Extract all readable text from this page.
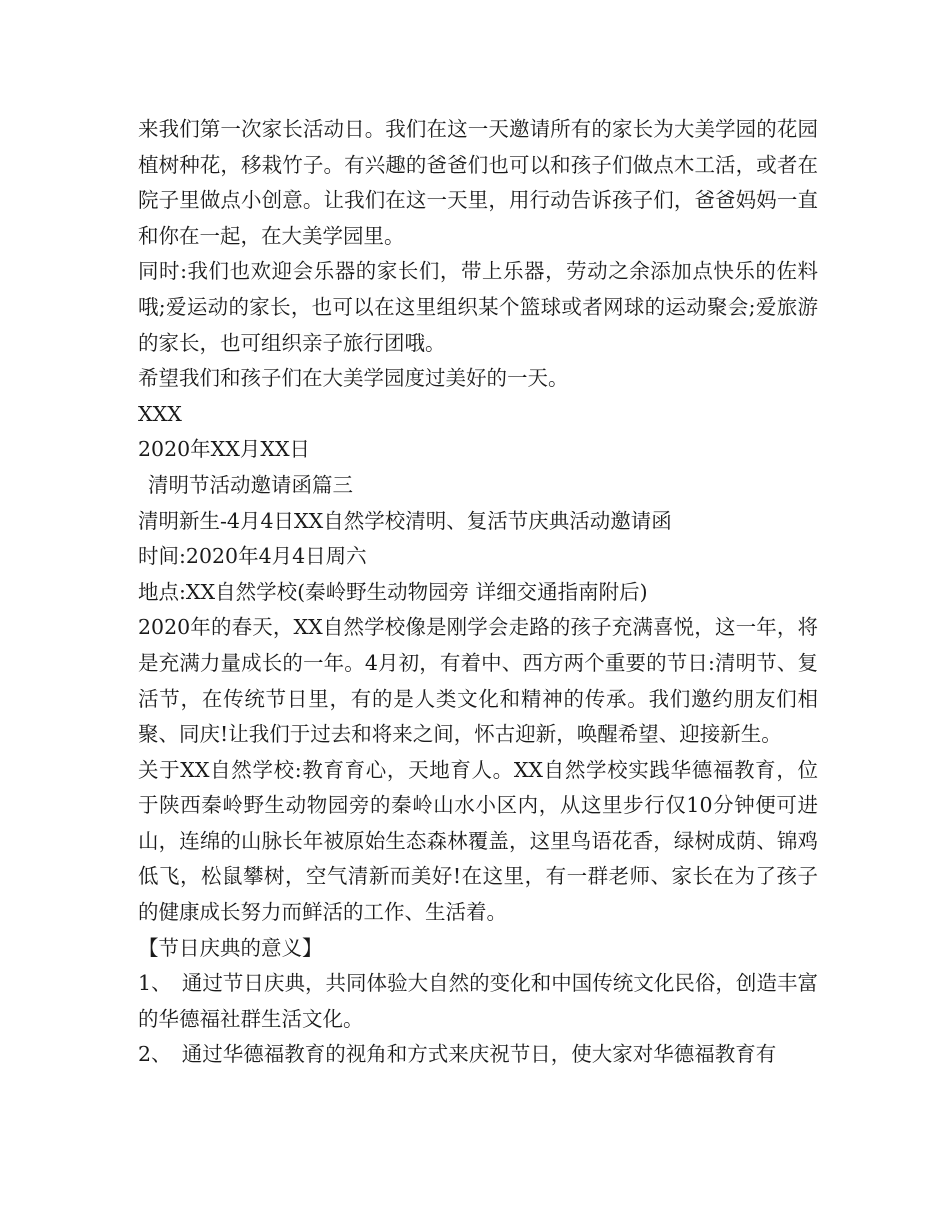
来我们第一次家长活动日。我们在这一天邀请所有的家长为大美学园的花园植树种花，移栽竹子。有兴趣的爸爸们也可以和孩子们做点木工活，或者在院子里做点小创意。让我们在这一天里，用行动告诉孩子们，爸爸妈妈一直和你在一起，在大美学园里。

同时:我们也欢迎会乐器的家长们，带上乐器，劳动之余添加点快乐的佐料哦;爱运动的家长，也可以在这里组织某个篮球或者网球的运动聚会;爱旅游的家长，也可组织亲子旅行团哦。

希望我们和孩子们在大美学园度过美好的一天。

XXX

2020年XX月XX日

清明节活动邀请函篇三

清明新生-4月4日XX自然学校清明、复活节庆典活动邀请函

时间:2020年4月4日周六

地点:XX自然学校(秦岭野生动物园旁 详细交通指南附后)

2020年的春天，XX自然学校像是刚学会走路的孩子充满喜悦，这一年，将是充满力量成长的一年。4月初，有着中、西方两个重要的节日:清明节、复活节，在传统节日里，有的是人类文化和精神的传承。我们邀约朋友们相聚、同庆!让我们于过去和将来之间，怀古迎新，唤醒希望、迎接新生。

关于XX自然学校:教育育心，天地育人。XX自然学校实践华德福教育，位于陕西秦岭野生动物园旁的秦岭山水小区内，从这里步行仅10分钟便可进山，连绵的山脉长年被原始生态森林覆盖，这里鸟语花香，绿树成荫、锦鸡低飞，松鼠攀树，空气清新而美好!在这里，有一群老师、家长在为了孩子的健康成长努力而鲜活的工作、生活着。

【节日庆典的意义】

1、　通过节日庆典，共同体验大自然的变化和中国传统文化民俗，创造丰富的华德福社群生活文化。

2、　通过华德福教育的视角和方式来庆祝节日，使大家对华德福教育有
